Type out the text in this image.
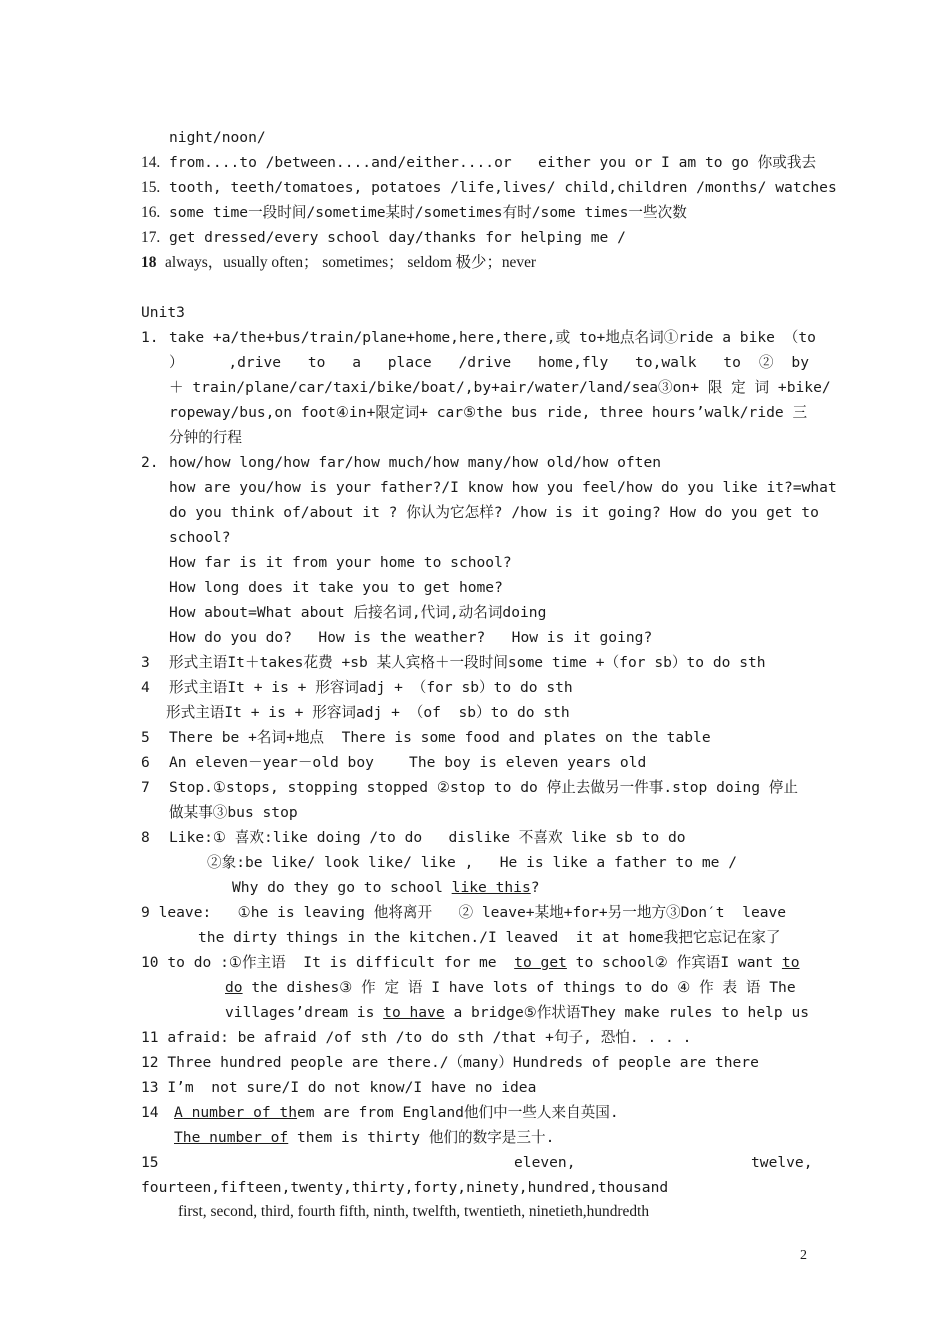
night/noon/
14. from....to /between....and/either....or   either you or I am to go 你或我去
15. tooth, teeth/tomatoes, potatoes /life,lives/ child,children /months/ watches
16. some time一段时间/sometime某时/sometimes有时/some times一些次数
17. get dressed/every school day/thanks for helping me /
18 always，usually often； sometimes； seldom 极少；never
Unit3
1. take +a/the+bus/train/plane+home,here,there,或 to+地点名词①ride a bike （to
） ,drive to a place /drive home,fly to,walk to②by
＋ train/plane/car/taxi/bike/boat/,by+air/water/land/sea③on+ 限 定 词 +bike/
ropeway/bus,on foot④in+限定词+ car⑤the bus ride, three hours’walk/ride 三
分钟的行程
2. how/how long/how far/how much/how many/how old/how often
how are you/how is your father?/I know how you feel/how do you like it?=what
do you think of/about it ? 你认为它怎样? /how is it going? How do you get to
school?
How far is it from your home to school?
How long does it take you to get home?
How about=What about 后接名词,代词,动名词doing
How do you do?   How is the weather?   How is it going?
3 形式主语It＋takes花费 +sb 某人宾格＋一段时间some time +（for sb）to do sth
4 形式主语It + is + 形容词adj + （for sb）to do sth
形式主语It + is + 形容词adj + （of  sb）to do sth
5 There be +名词+地点  There is some food and plates on the table
6 An eleven－year－old boy    The boy is eleven years old
7 Stop.①stops, stopping stopped ②stop to do 停止去做另一件事.stop doing 停止
做某事③bus stop
8 Like:① 喜欢:like doing /to do   dislike 不喜欢 like sb to do
②象:be like/ look like/ like ,   He is like a father to me /
Why do they go to school like this?
9 leave:   ①he is leaving 他将离开   ② leave+某地+for+另一地方③Don′t  leave
the dirty things in the kitchen./I leaved  it at home我把它忘记在家了
10 to do :①作主语  It is difficult for me  to get to school② 作宾语I want to
do the dishes③ 作 定 语 I have lots of things to do ④ 作 表 语 The
villages’dream is to have a bridge⑤作状语They make rules to help us
11 afraid: be afraid /of sth /to do sth /that +句子, 恐怕. . . .
12 Three hundred people are there./（many）Hundreds of people are there
13 I’m  not sure/I do not know/I have no idea
14 A number of them are from England他们中一些人来自英国.
The number of them is thirty 他们的数字是三十.
15	eleven,	twelve,
fourteen,fifteen,twenty,thirty,forty,ninety,hundred,thousand
first, second, third, fourth fifth, ninth, twelfth, twentieth, ninetieth,hundredth
2
